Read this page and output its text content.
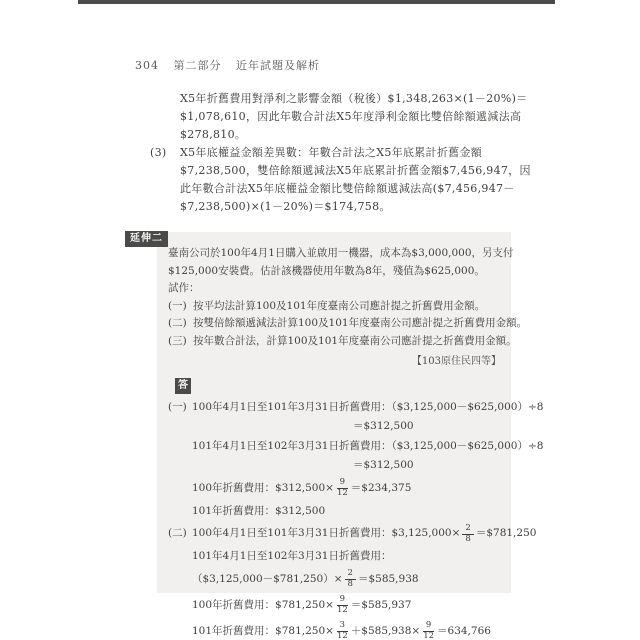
304 第二部分 近年試題及解析
X5年折舊費用對淨利之影響金額（稅後）$1,348,263×(1－20%)＝
$1,078,610，因此年數合計法X5年度淨利金額比雙倍餘額遞減法高
$278,810。
(3)	X5年底權益金額差異數：年數合計法之X5年底累計折舊金額
$7,238,500，雙倍餘額遞減法X5年底累計折舊金額$7,456,947，因
此年數合計法X5年底權益金額比雙倍餘額遞減法高($7,456,947－
$7,238,500)×(1－20%)＝$174,758。
延伸二
臺南公司於100年4月1日購入並啟用一機器，成本為$3,000,000，另支付
$125,000安裝費。估計該機器使用年數為8年，殘值為$625,000。
試作：
(一) 按平均法計算100及101年度臺南公司應計提之折舊費用金額。
(二) 按雙倍餘額遞減法計算100及101年度臺南公司應計提之折舊費用金額。
(三) 按年數合計法，計算100及101年度臺南公司應計提之折舊費用金額。
【103原住民四等】
答
(一) 100年4月1日至101年3月31日折舊費用：（$3,125,000－$625,000）÷8
＝$312,500
101年4月1日至102年3月31日折舊費用：（$3,125,000－$625,000）÷8
＝$312,500
100年折舊費用：$312,500× $\frac{9}{12}$ ＝$234,375
101年折舊費用：$312,500
(二) 100年4月1日至101年3月31日折舊費用：$3,125,000× $\frac{2}{8}$ ＝$781,250
101年4月1日至102年3月31日折舊費用：
（$3,125,000－$781,250）× $\frac{2}{8}$ ＝$585,938
100年折舊費用：$781,250× $\frac{9}{12}$ ＝$585,937
101年折舊費用：$781,250× $\frac{3}{12}$ ＋$585,938× $\frac{9}{12} =634,766$
